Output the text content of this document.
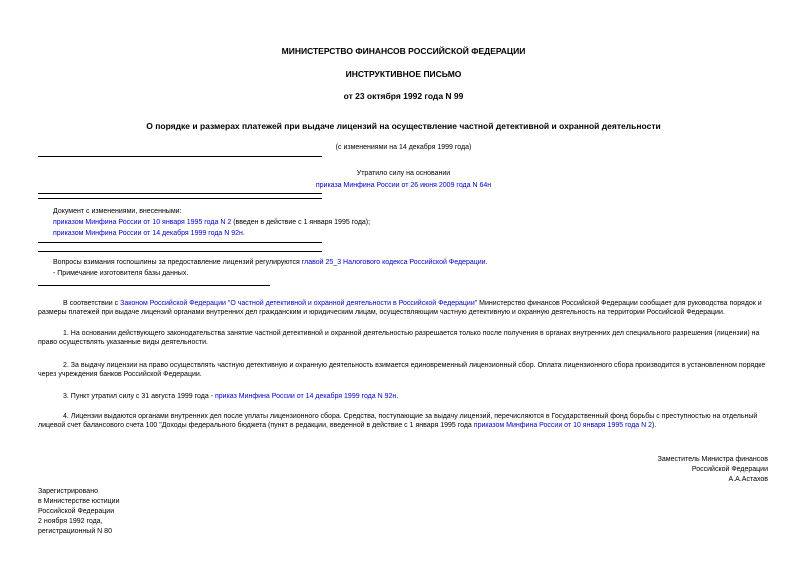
МИНИСТЕРСТВО ФИНАНСОВ РОССИЙСКОЙ ФЕДЕРАЦИИ
ИНСТРУКТИВНОЕ ПИСЬМО
от 23 октября 1992 года N 99
О порядке и размерах платежей при выдаче лицензий на осуществление частной детективной и охранной деятельности
(с изменениями на 14 декабря 1999 года)
Утратило силу на основании
приказа Минфина России от 26 июня 2009 года N 64н
Документ с изменениями, внесенными:
приказом Минфина России от 10 января 1995 года N 2 (введен в действие с 1 января 1995 года);
приказом Минфина России от 14 декабря 1999 года N 92н.
Вопросы взимания госпошлины за предоставление лицензий регулируются главой 25_3 Налогового кодекса Российской Федерации.
- Примечание изготовителя базы данных.
В соответствии с Законом Российской Федерации "О частной детективной и охранной деятельности в Российской Федерации" Министерство финансов Российской Федерации сообщает для руководства порядок и размеры платежей при выдаче лицензий органами внутренних дел гражданским и юридическим лицам, осуществляющим частную детективную и охранную деятельность на территории Российской Федерации.
1. На основании действующего законодательства занятие частной детективной и охранной деятельностью разрешается только после получения в органах внутренних дел специального разрешения (лицензии) на право осуществлять указанные виды деятельности.
2. За выдачу лицензии на право осуществлять частную детективную и охранную деятельность взимается единовременный лицензионный сбор. Оплата лицензионного сбора производится в установленном порядке через учреждения банков Российской Федерации.
3. Пункт утратил силу с 31 августа 1999 года - приказ Минфина России от 14 декабря 1999 года N 92н.
4. Лицензии выдаются органами внутренних дел после уплаты лицензионного сбора. Средства, поступающие за выдачу лицензий, перечисляются в Государственный фонд борьбы с преступностью на отдельный лицевой счет балансового счета 100 "Доходы федерального бюджета (пункт в редакции, введенной в действие с 1 января 1995 года приказом Минфина России от 10 января 1995 года N 2).
Заместитель Министра финансов
Российской Федерации
А.А.Астахов
Зарегистрировано
в Министерстве юстиции
Российской Федерации
2 ноября 1992 года,
регистрационный N 80
